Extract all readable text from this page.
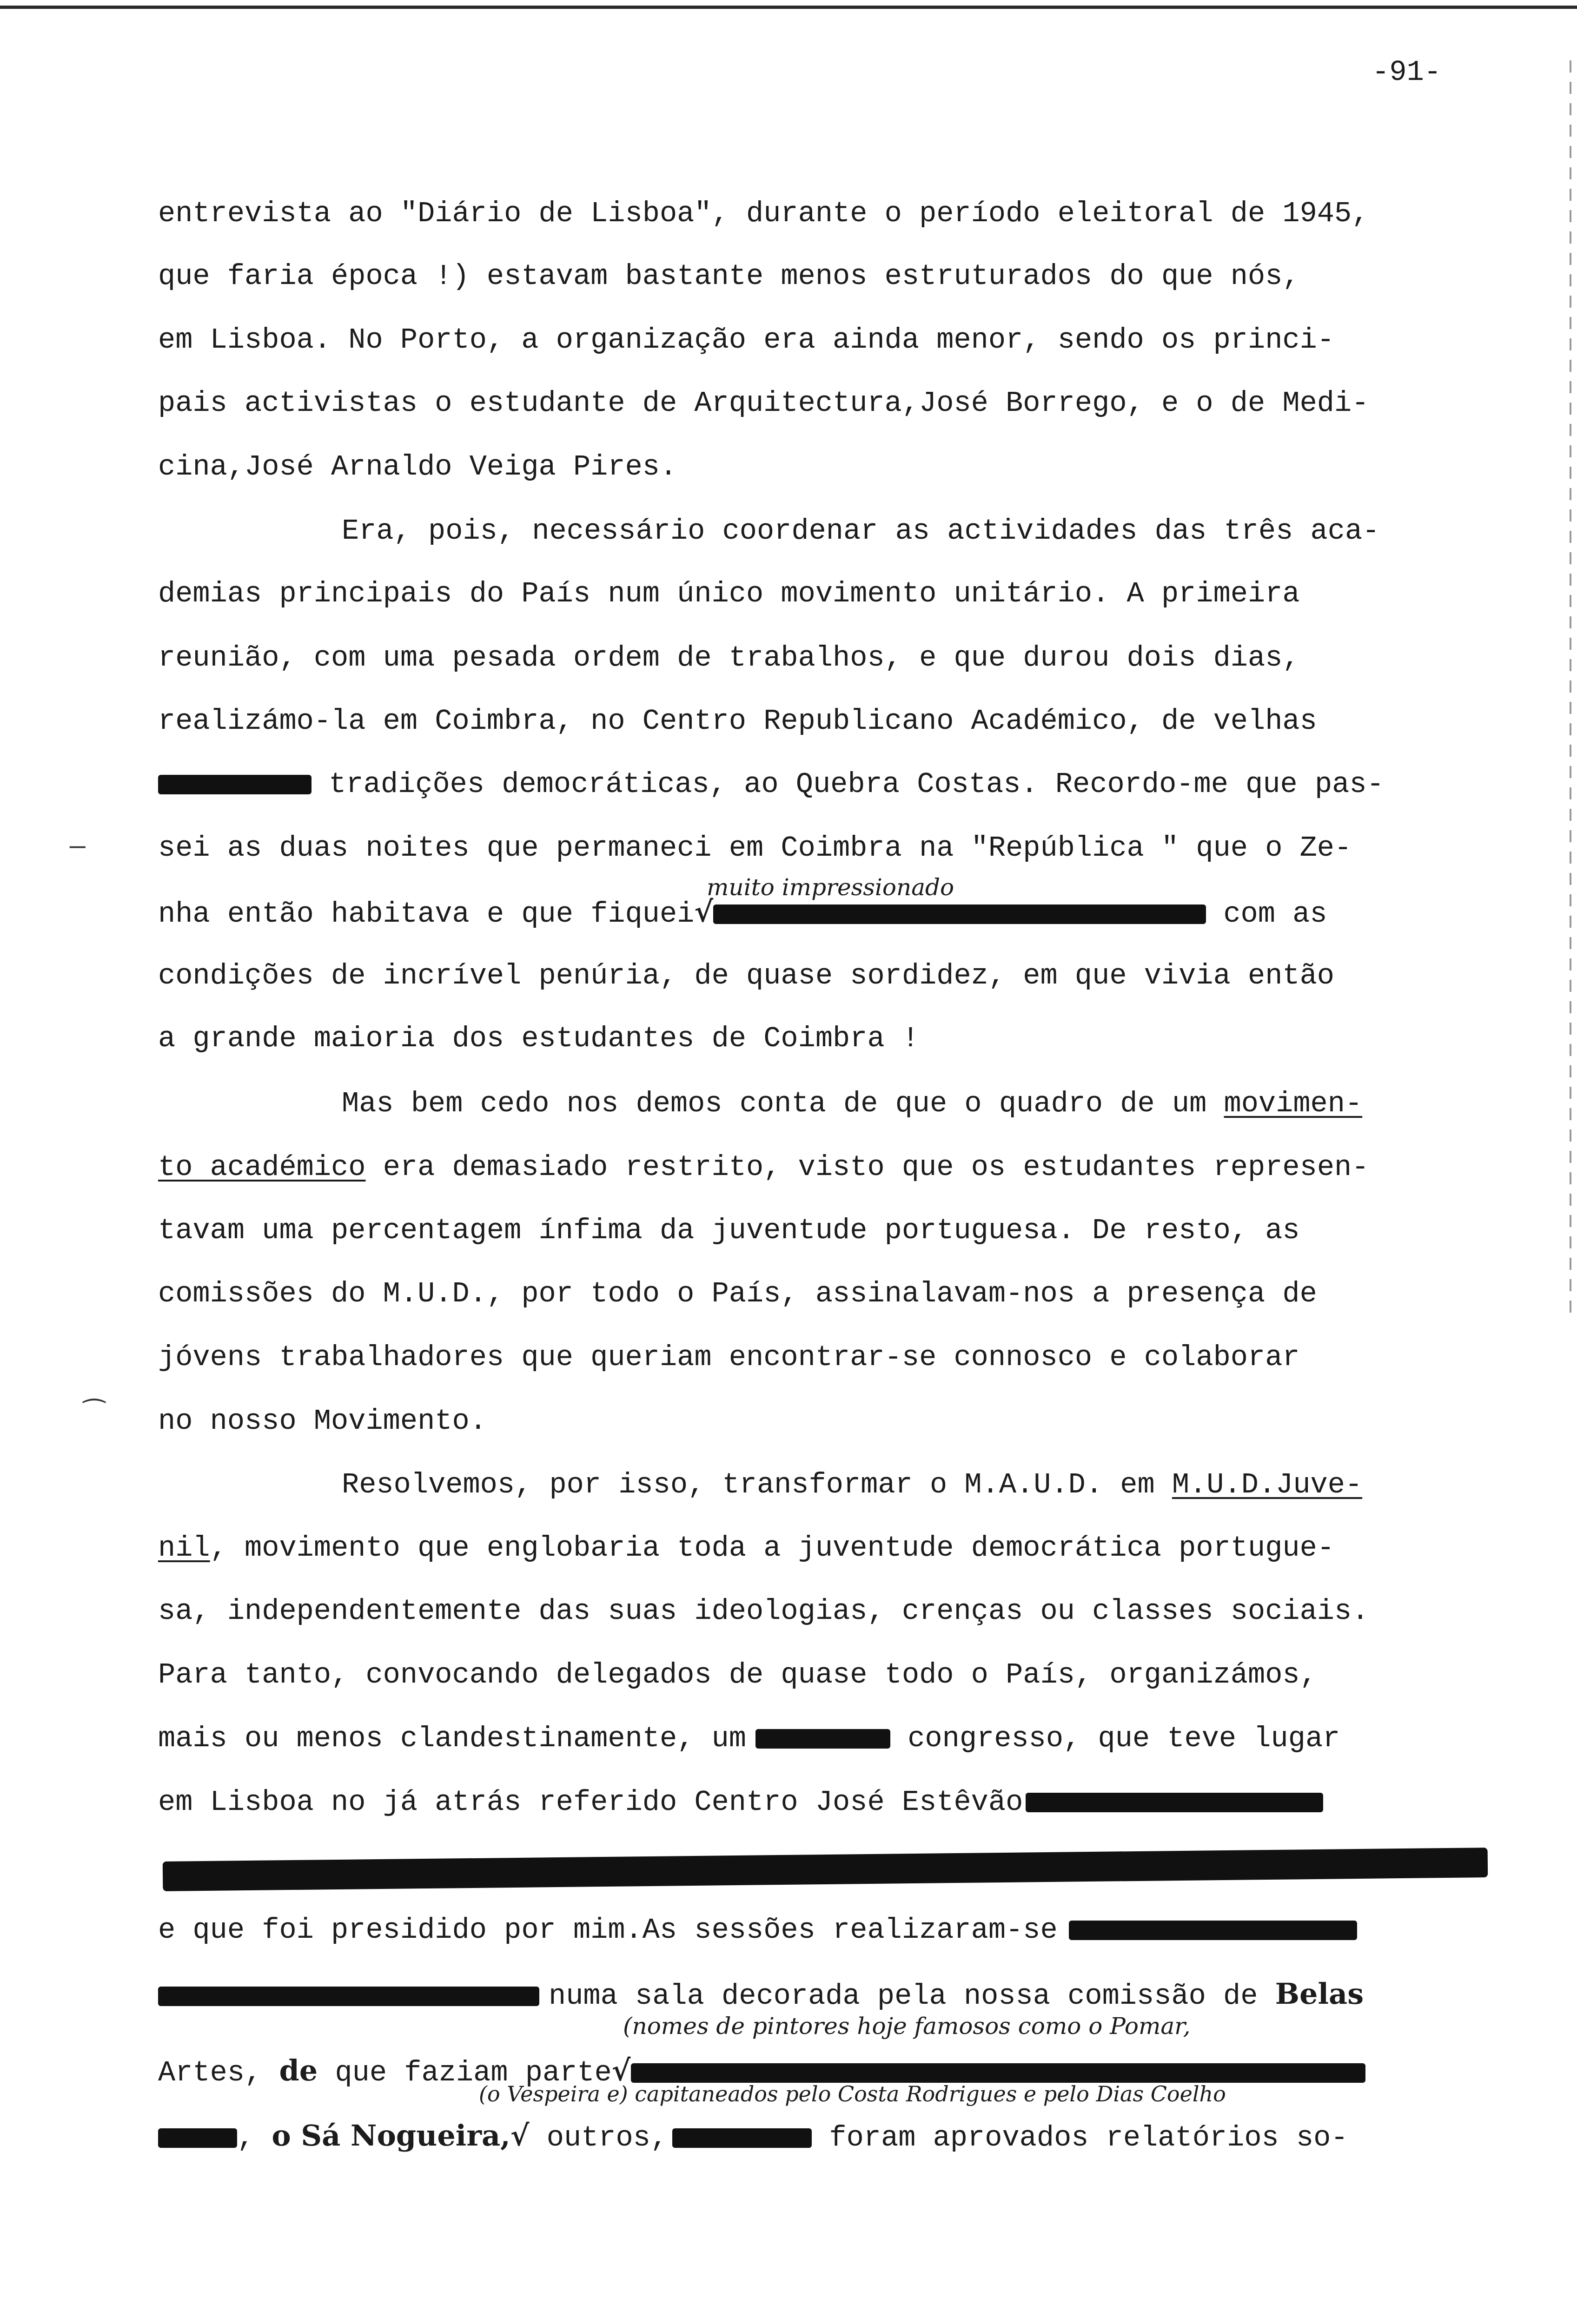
-91-
entrevista ao "Diário de Lisboa", durante o período eleitoral de 1945,
que faria época !) estavam bastante menos estruturados do que nós,
em Lisboa. No Porto, a organização era ainda menor, sendo os princi-
pais activistas o estudante de Arquitectura,José Borrego, e o de Medi-
cina,José Arnaldo Veiga Pires.
Era, pois, necessário coordenar as actividades das três aca-
demias principais do País num único movimento unitário. A primeira
reunião, com uma pesada ordem de trabalhos, e que durou dois dias,
realizámo-la em Coimbra, no Centro Republicano Académico, de velhas
tradições democráticas, ao Quebra Costas. Recordo-me que pas-
sei as duas noites que permaneci em Coimbra na "República " que o Ze-
muito impressionado
nha então habitava e que fiquei√	com as
condições de incrível penúria, de quase sordidez, em que vivia então
a grande maioria dos estudantes de Coimbra !
Mas bem cedo nos demos conta de que o quadro de um movimen-
to académico era demasiado restrito, visto que os estudantes represen-
tavam uma percentagem ínfima da juventude portuguesa. De resto, as
comissões do M.U.D., por todo o País, assinalavam-nos a presença de
jóvens trabalhadores que queriam encontrar-se connosco e colaborar
no nosso Movimento.
Resolvemos, por isso, transformar o M.A.U.D. em M.U.D.Juve-
nil, movimento que englobaria toda a juventude democrática portugue-
sa, independentemente das suas ideologias, crenças ou classes sociais.
Para tanto, convocando delegados de quase todo o País, organizámos,
mais ou menos clandestinamente, um	congresso, que teve lugar
em Lisboa no já atrás referido Centro José Estêvão
e que foi presidido por mim.As sessões realizaram-se
numa sala decorada pela nossa comissão de Belas
(nomes de pintores hoje famosos como o Pomar,
Artes, de que faziam parte√
(o Vespeira e) capitaneados pelo Costa Rodrigues e pelo Dias Coelho
, o Sá Nogueira,√ outros,	foram aprovados relatórios so-
—
⁀
